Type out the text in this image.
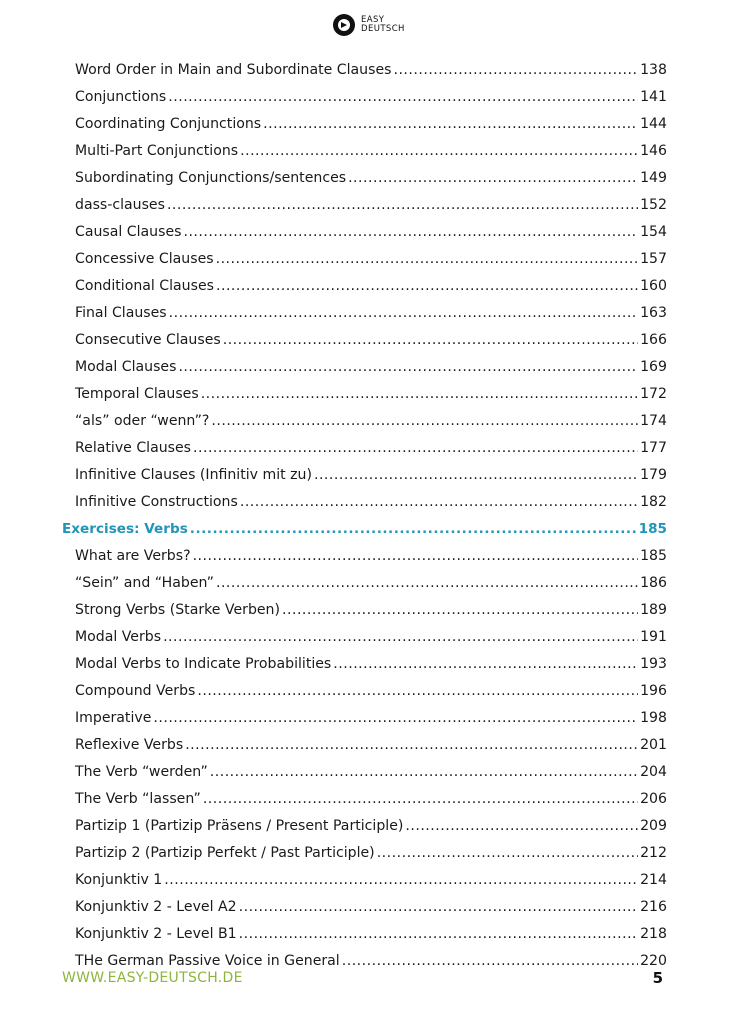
EASY
DEUTSCH
Word Order in Main and Subordinate Clauses .....	138
Conjunctions .....	141
Coordinating Conjunctions .....	144
Multi-Part Conjunctions .....	146
Subordinating Conjunctions/sentences .....	149
dass-clauses .....	152
Causal Clauses .....	154
Concessive Clauses .....	157
Conditional Clauses .....	160
Final Clauses .....	163
Consecutive Clauses .....	166
Modal Clauses .....	169
Temporal Clauses .....	172
“als” oder “wenn”? .....	174
Relative Clauses .....	177
Infinitive Clauses (Infinitiv mit zu) .....	179
Infinitive Constructions .....	182
Exercises: Verbs .....	185
What are Verbs? .....	185
“Sein” and “Haben” .....	186
Strong Verbs (Starke Verben) .....	189
Modal Verbs .....	191
Modal Verbs to Indicate Probabilities .....	193
Compound Verbs .....	196
Imperative .....	198
Reflexive Verbs .....	201
The Verb “werden” .....	204
The Verb “lassen” .....	206
Partizip 1 (Partizip Präsens / Present Participle) .....	209
Partizip 2 (Partizip Perfekt / Past Participle) .....	212
Konjunktiv 1 .....	214
Konjunktiv 2 - Level A2 .....	216
Konjunktiv 2 - Level B1 .....	218
THe German Passive Voice in General .....	220
WWW.EASY-DEUTSCH.DE	5
